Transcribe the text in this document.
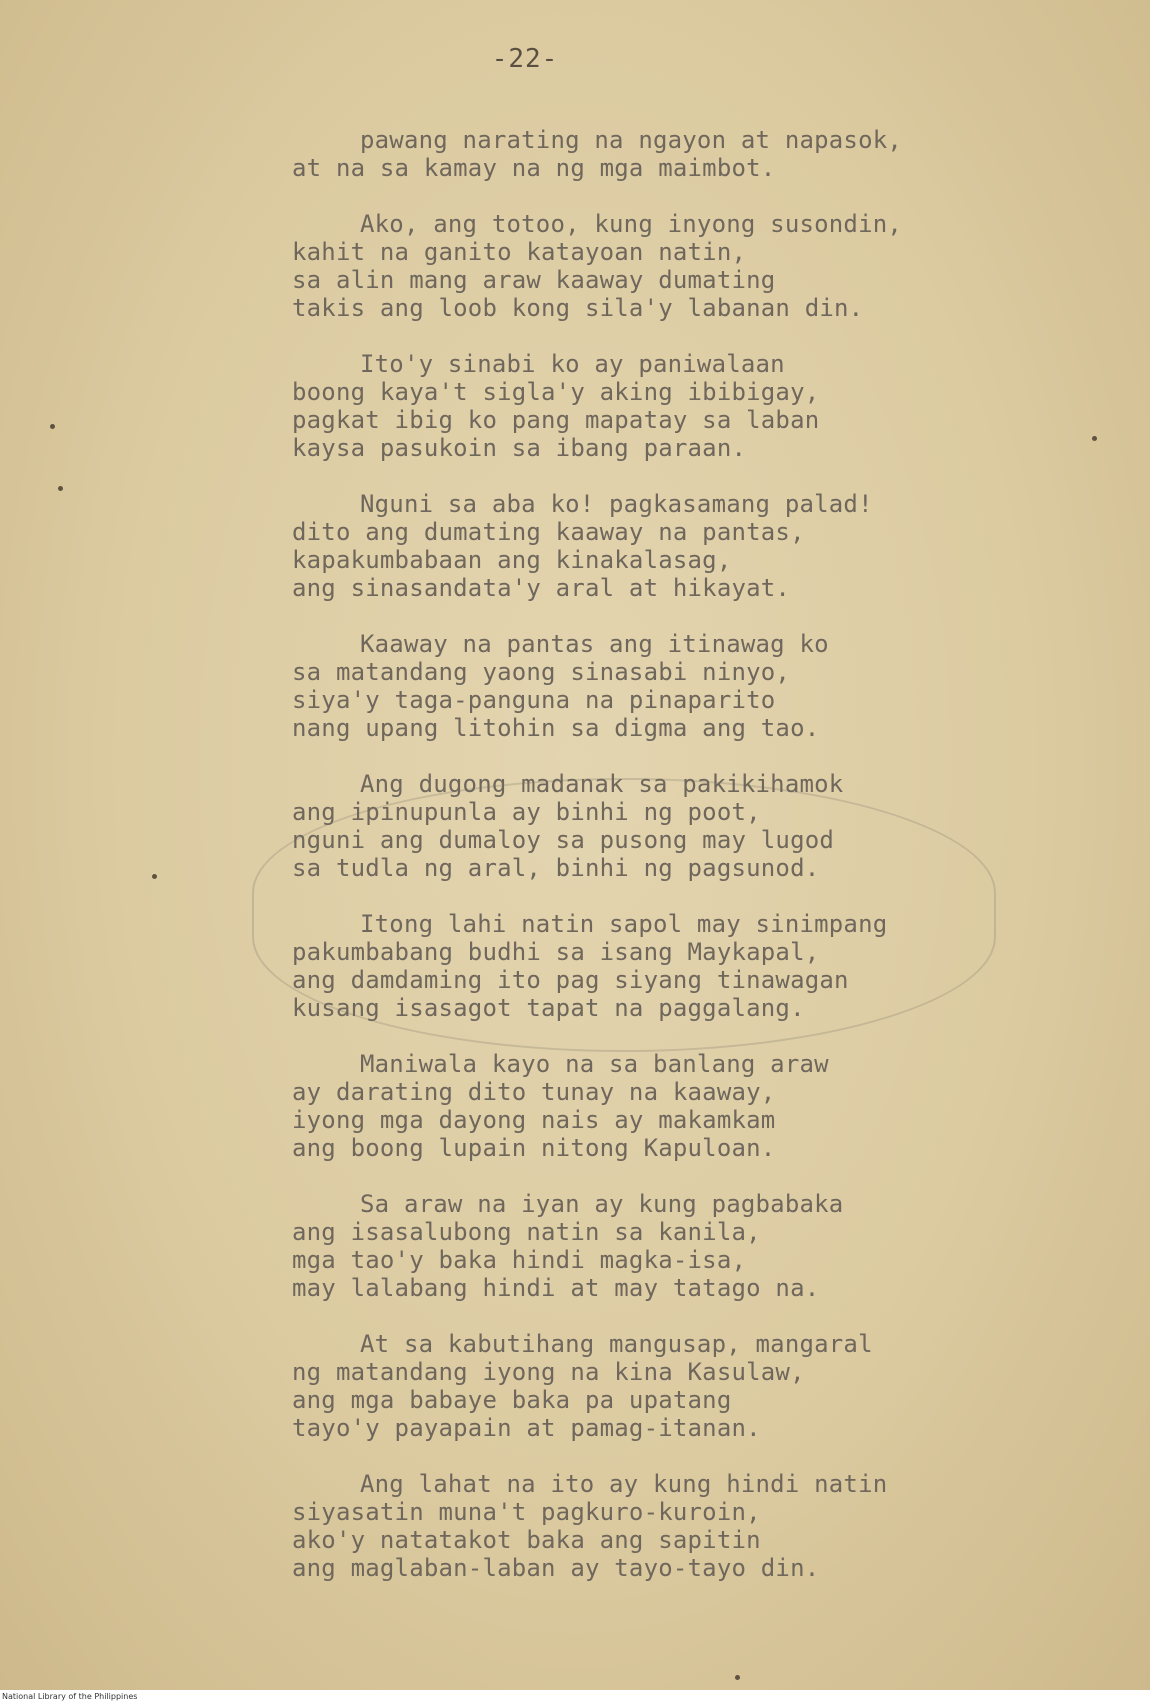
-22-
pawang narating na ngayon at napasok,
at na sa kamay na ng mga maimbot.
Ako, ang totoo, kung inyong susondin,
kahit na ganito katayoan natin,
sa alin mang araw kaaway dumating
takis ang loob kong sila'y labanan din.
Ito'y sinabi ko ay paniwalaan
boong kaya't sigla'y aking ibibigay,
pagkat ibig ko pang mapatay sa laban
kaysa pasukoin sa ibang paraan.
Nguni sa aba ko! pagkasamang palad!
dito ang dumating kaaway na pantas,
kapakumbabaan ang kinakalasag,
ang sinasandata'y aral at hikayat.
Kaaway na pantas ang itinawag ko
sa matandang yaong sinasabi ninyo,
siya'y taga-panguna na pinaparito
nang upang litohin sa digma ang tao.
Ang dugong madanak sa pakikihamok
ang ipinupunla ay binhi ng poot,
nguni ang dumaloy sa pusong may lugod
sa tudla ng aral, binhi ng pagsunod.
Itong lahi natin sapol may sinimpang
pakumbabang budhi sa isang Maykapal,
ang damdaming ito pag siyang tinawagan
kusang isasagot tapat na paggalang.
Maniwala kayo na sa banlang araw
ay darating dito tunay na kaaway,
iyong mga dayong nais ay makamkam
ang boong lupain nitong Kapuloan.
Sa araw na iyan ay kung pagbabaka
ang isasalubong natin sa kanila,
mga tao'y baka hindi magka-isa,
may lalabang hindi at may tatago na.
At sa kabutihang mangusap, mangaral
ng matandang iyong na kina Kasulaw,
ang mga babaye baka pa upatang
tayo'y payapain at pamag-itanan.
Ang lahat na ito ay kung hindi natin
siyasatin muna't pagkuro-kuroin,
ako'y natatakot baka ang sapitin
ang maglaban-laban ay tayo-tayo din.
National Library of the Philippines
